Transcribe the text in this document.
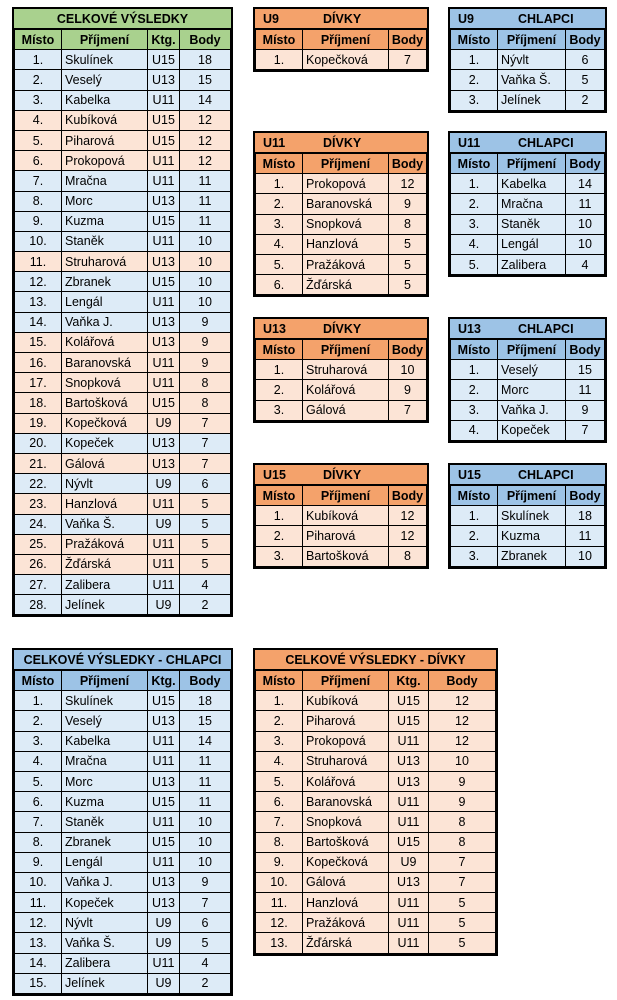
CELKOVÉ VÝSLEDKY
Místo	Příjmení	Ktg.	Body
1.	Skulínek	U15	18
2.	Veselý	U13	15
3.	Kabelka	U11	14
4.	Kubíková	U15	12
5.	Piharová	U15	12
6.	Prokopová	U11	12
7.	Mračna	U11	11
8.	Morc	U13	11
9.	Kuzma	U15	11
10.	Staněk	U11	10
11.	Struharová	U13	10
12.	Zbranek	U15	10
13.	Lengál	U11	10
14.	Vaňka J.	U13	9
15.	Kolářová	U13	9
16.	Baranovská	U11	9
17.	Snopková	U11	8
18.	Bartošková	U15	8
19.	Kopečková	U9	7
20.	Kopeček	U13	7
21.	Gálová	U13	7
22.	Nývlt	U9	6
23.	Hanzlová	U11	5
24.	Vaňka Š.	U9	5
25.	Pražáková	U11	5
26.	Žďárská	U11	5
27.	Zalibera	U11	4
28.	Jelínek	U9	2
U9	DÍVKY
Místo	Příjmení	Body
1.	Kopečková	7
U9	CHLAPCI
Místo	Příjmení	Body
1.	Nývlt	6
2.	Vaňka Š.	5
3.	Jelínek	2
U11	DÍVKY
Místo	Příjmení	Body
1.	Prokopová	12
2.	Baranovská	9
3.	Snopková	8
4.	Hanzlová	5
5.	Pražáková	5
6.	Žďárská	5
U11	CHLAPCI
Místo	Příjmení	Body
1.	Kabelka	14
2.	Mračna	11
3.	Staněk	10
4.	Lengál	10
5.	Zalibera	4
U13	DÍVKY
Místo	Příjmení	Body
1.	Struharová	10
2.	Kolářová	9
3.	Gálová	7
U13	CHLAPCI
Místo	Příjmení	Body
1.	Veselý	15
2.	Morc	11
3.	Vaňka J.	9
4.	Kopeček	7
U15	DÍVKY
Místo	Příjmení	Body
1.	Kubíková	12
2.	Piharová	12
3.	Bartošková	8
U15	CHLAPCI
Místo	Příjmení	Body
1.	Skulínek	18
2.	Kuzma	11
3.	Zbranek	10
CELKOVÉ VÝSLEDKY - CHLAPCI
Místo	Příjmení	Ktg.	Body
1.	Skulínek	U15	18
2.	Veselý	U13	15
3.	Kabelka	U11	14
4.	Mračna	U11	11
5.	Morc	U13	11
6.	Kuzma	U15	11
7.	Staněk	U11	10
8.	Zbranek	U15	10
9.	Lengál	U11	10
10.	Vaňka J.	U13	9
11.	Kopeček	U13	7
12.	Nývlt	U9	6
13.	Vaňka Š.	U9	5
14.	Zalibera	U11	4
15.	Jelínek	U9	2
CELKOVÉ VÝSLEDKY - DÍVKY
Místo	Příjmení	Ktg.	Body
1.	Kubíková	U15	12
2.	Piharová	U15	12
3.	Prokopová	U11	12
4.	Struharová	U13	10
5.	Kolářová	U13	9
6.	Baranovská	U11	9
7.	Snopková	U11	8
8.	Bartošková	U15	8
9.	Kopečková	U9	7
10.	Gálová	U13	7
11.	Hanzlová	U11	5
12.	Pražáková	U11	5
13.	Žďárská	U11	5
